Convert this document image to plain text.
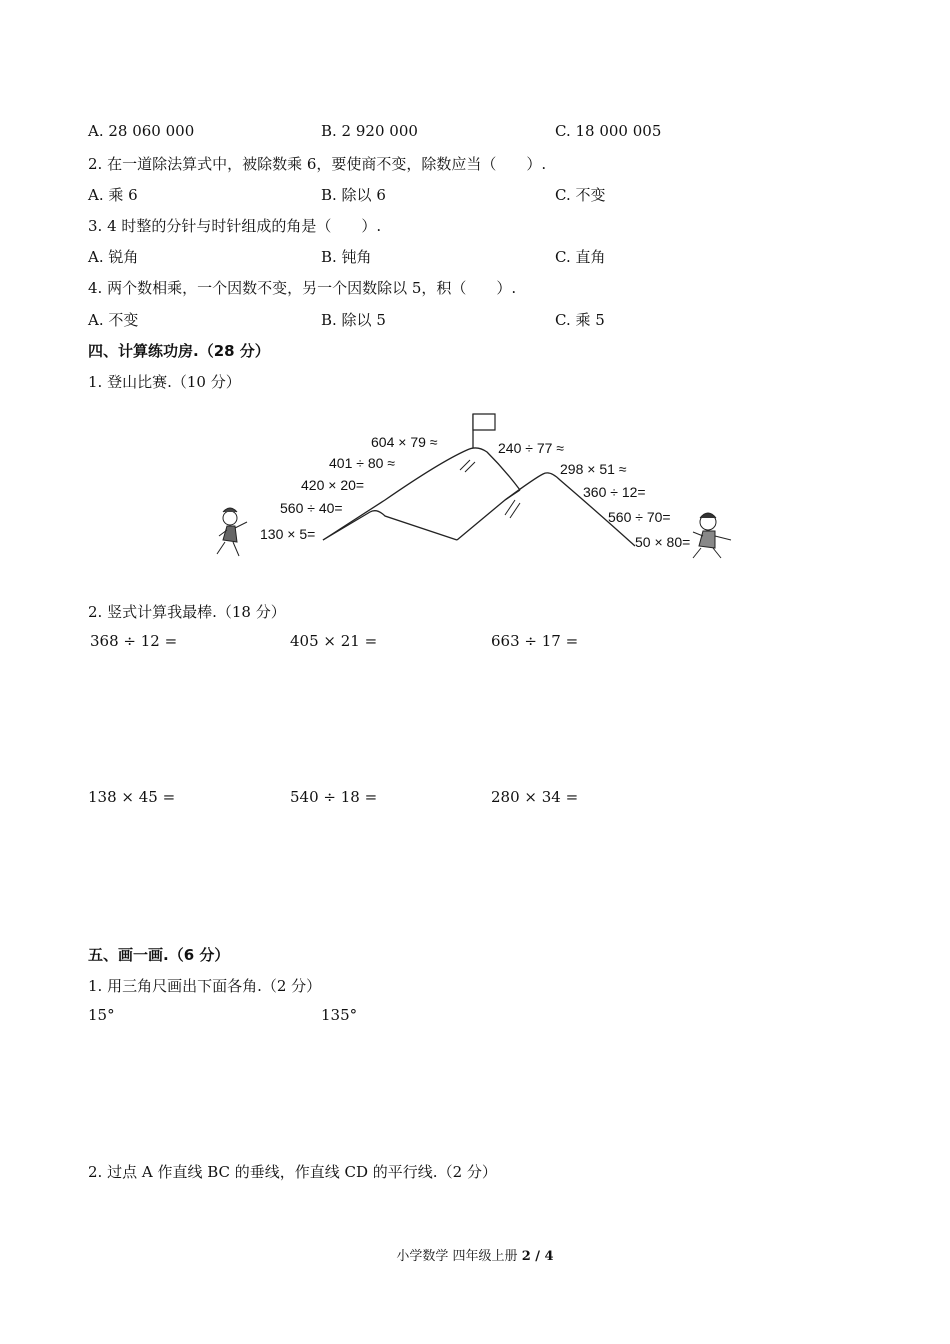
A. 28 060 000	B. 2 920 000	C. 18 000 005
2. 在一道除法算式中，被除数乘 6，要使商不变，除数应当（　　）.
A. 乘 6	B. 除以 6	C. 不变
3. 4 时整的分针与时针组成的角是（　　）.
A. 锐角	B. 钝角	C. 直角
4. 两个数相乘，一个因数不变，另一个因数除以 5，积（　　）.
A. 不变	B. 除以 5	C. 乘 5
四、计算练功房.（28 分）
1. 登山比赛.（10 分）
604 × 79 ≈
401 ÷ 80 ≈
420 × 20=
560 ÷ 40=
130 × 5=
240 ÷ 77 ≈
298 × 51 ≈
360 ÷ 12=
560 ÷ 70=
50 × 80=
2. 竖式计算我最棒.（18 分）
368 ÷ 12 =	405 × 21 =	663 ÷ 17 =
138 × 45 =	540 ÷ 18 =	280 × 34 =
五、画一画.（6 分）
1. 用三角尺画出下面各角.（2 分）
15°	135°
2. 过点 A 作直线 BC 的垂线，作直线 CD 的平行线.（2 分）
小学数学 四年级上册 2 / 4
